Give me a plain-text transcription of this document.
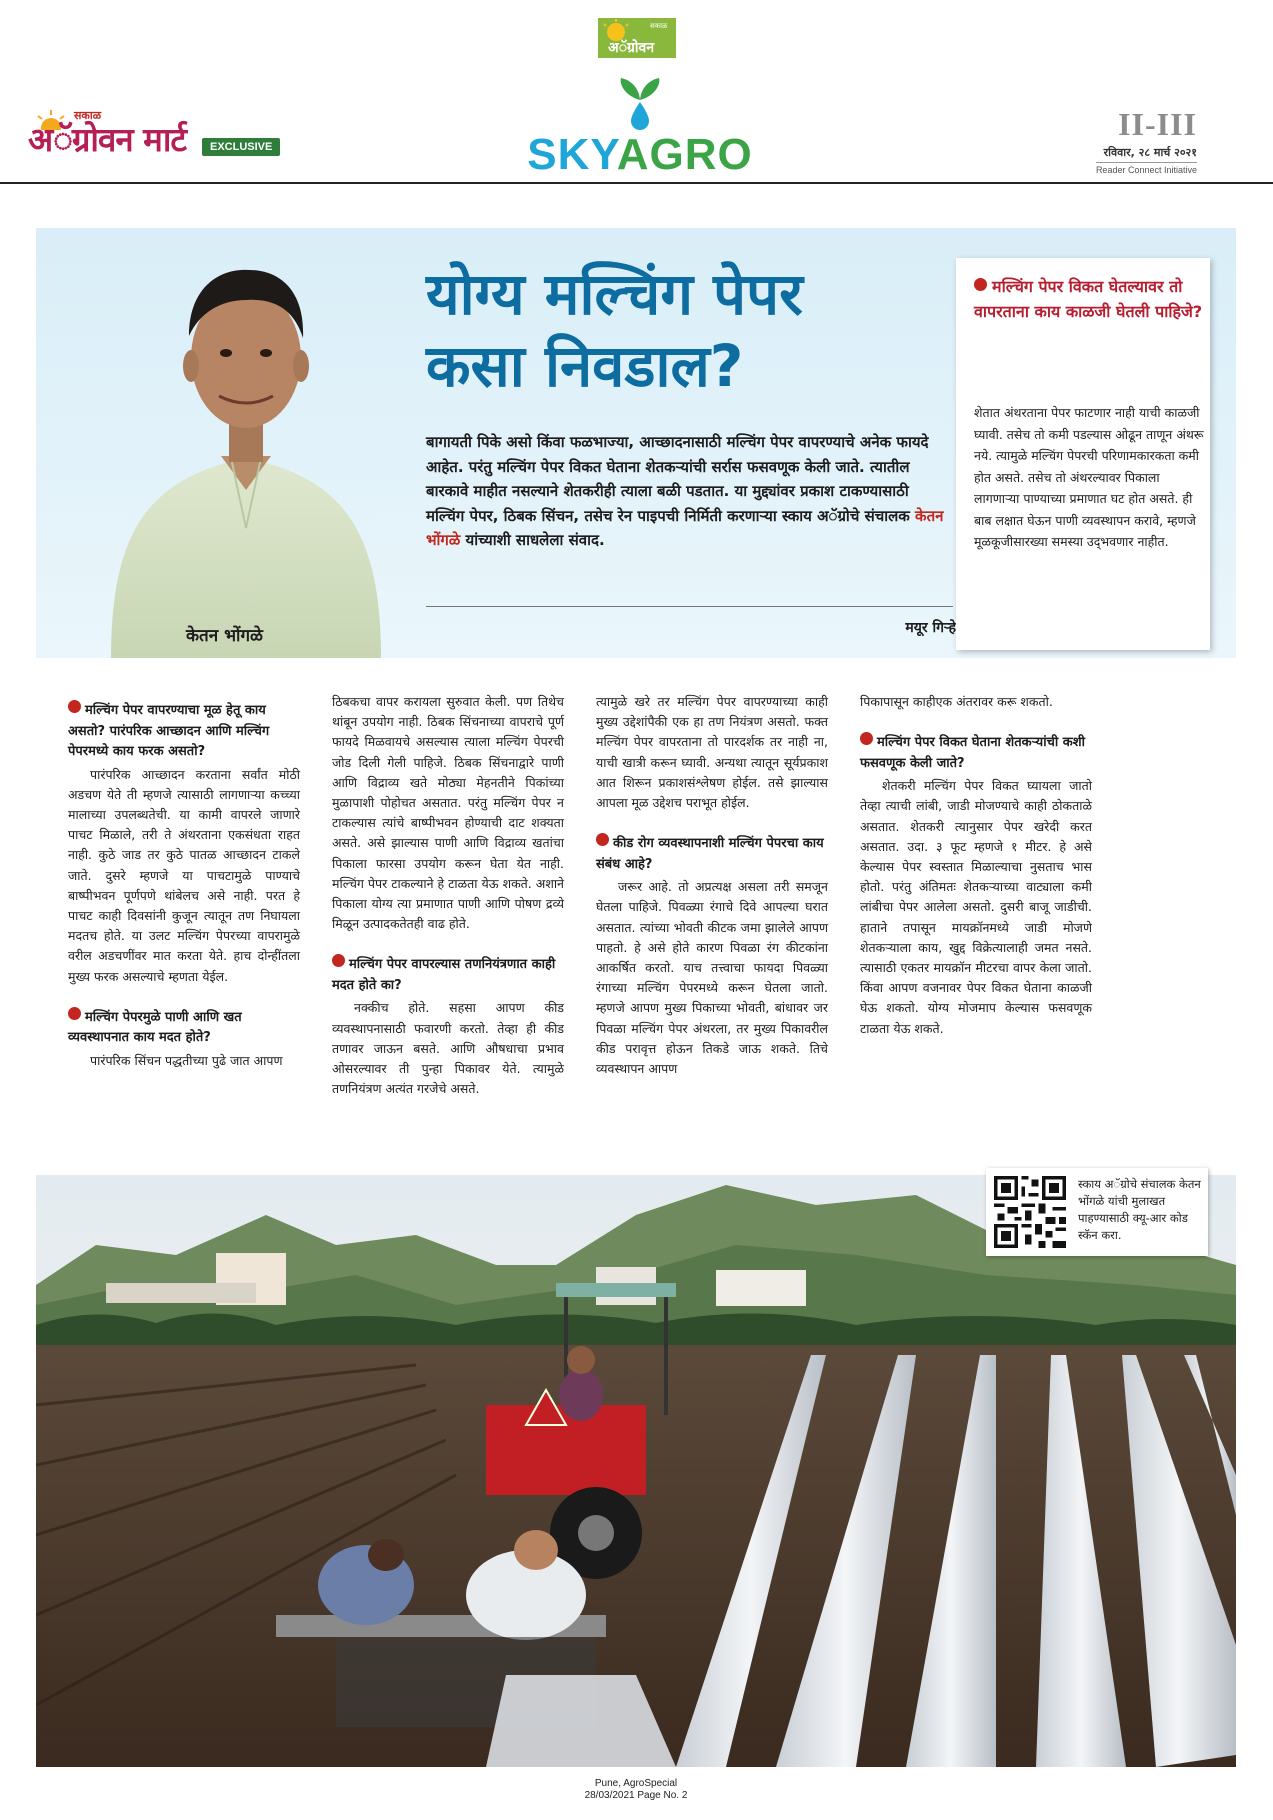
अॅग्रोवन
सकाळ
सकाळ
अॅग्रोवन मार्ट	EXCLUSIVE	SKYAGRO
II-III
रविवार, २८ मार्च २०२१
Reader Connect Initiative
केतन भोंगळे
योग्य मल्चिंग पेपर
कसा निवडाल?
बागायती पिके असो किंवा फळभाज्या, आच्छादनासाठी मल्चिंग पेपर वापरण्याचे अनेक फायदे आहेत. परंतु मल्चिंग पेपर विकत घेताना शेतकऱ्यांची सर्रास फसवणूक केली जाते. त्यातील बारकावे माहीत नसल्याने शेतकरीही त्याला बळी पडतात. या मुद्द्यांवर प्रकाश टाकण्यासाठी मल्चिंग पेपर, ठिबक सिंचन, तसेच रेन पाइपची निर्मिती करणाऱ्या स्काय अॅग्रोचे संचालक केतन भोंगळे यांच्याशी साधलेला संवाद.
मयूर गिऱ्हे
मल्चिंग पेपर विकत घेतल्यावर तो वापरताना काय काळजी घेतली पाहिजे?
शेतात अंथरताना पेपर फाटणार नाही याची काळजी घ्यावी. तसेच तो कमी पडल्यास ओढून ताणून अंथरू नये. त्यामुळे मल्चिंग पेपरची परिणामकारकता कमी होत असते. तसेच तो अंथरल्यावर पिकाला लागणाऱ्या पाण्याच्या प्रमाणात घट होत असते. ही बाब लक्षात घेऊन पाणी व्यवस्थापन करावे, म्हणजे मूळकूजीसारख्या समस्या उद्‍भवणार नाहीत.
मल्चिंग पेपर वापरण्याचा मूळ हेतू काय असतो? पारंपरिक आच्छादन आणि मल्चिंग पेपरमध्ये काय फरक असतो?

पारंपरिक आच्छादन करताना सर्वांत मोठी अडचण येते ती म्हणजे त्यासाठी लागणाऱ्या कच्च्या मालाच्या उपलब्धतेची. या कामी वापरले जाणारे पाचट मिळाले, तरी ते अंथरताना एकसंधता राहत नाही. कुठे जाड तर कुठे पातळ आच्छादन टाकले जाते. दुसरे म्हणजे या पाचटामुळे पाण्याचे बाष्पीभवन पूर्णपणे थांबेलच असे नाही. परत हे पाचट काही दिवसांनी कुजून त्यातून तण निघायला मदतच होते. या उलट मल्चिंग पेपरच्या वापरामुळे वरील अडचणींवर मात करता येते. हाच दोन्हींतला मुख्य फरक असल्याचे म्हणता येईल.

मल्चिंग पेपरमुळे पाणी आणि खत व्यवस्थापनात काय मदत होते?

पारंपरिक सिंचन पद्धतीच्या पुढे जात आपण

ठिबकचा वापर करायला सुरुवात केली. पण तिथेच थांबून उपयोग नाही. ठिबक सिंचनाच्या वापराचे पूर्ण फायदे मिळवायचे असल्यास त्याला मल्चिंग पेपरची जोड दिली गेली पाहिजे. ठिबक सिंचनाद्वारे पाणी आणि विद्राव्य खते मोठ्या मेहनतीने पिकांच्या मुळापाशी पोहोचत असतात. परंतु मल्चिंग पेपर न टाकल्यास त्यांचे बाष्पीभवन होण्याची दाट शक्यता असते. असे झाल्यास पाणी आणि विद्राव्य खतांचा पिकाला फारसा उपयोग करून घेता येत नाही. मल्चिंग पेपर टाकल्याने हे टाळता येऊ शकते. अशाने पिकाला योग्य त्या प्रमाणात पाणी आणि पोषण द्रव्ये मिळून उत्पादकतेतही वाढ होते.

मल्चिंग पेपर वापरल्यास तणनियंत्रणात काही मदत होते का?

नक्कीच होते. सहसा आपण कीड व्यवस्थापनासाठी फवारणी करतो. तेव्हा ही कीड तणावर जाऊन बसते. आणि औषधाचा प्रभाव ओसरल्यावर ती पुन्हा पिकावर येते. त्यामुळे तणनियंत्रण अत्यंत गरजेचे असते.

त्यामुळे खरे तर मल्चिंग पेपर वापरण्याच्या काही मुख्य उद्देशांपैकी एक हा तण नियंत्रण असतो. फक्त मल्चिंग पेपर वापरताना तो पारदर्शक तर नाही ना, याची खात्री करून घ्यावी. अन्यथा त्यातून सूर्यप्रकाश आत शिरून प्रकाशसंश्लेषण होईल. तसे झाल्यास आपला मूळ उद्देशच पराभूत होईल.

कीड रोग व्यवस्थापनाशी मल्चिंग पेपरचा काय संबंध आहे?

जरूर आहे. तो अप्रत्यक्ष असला तरी समजून घेतला पाहिजे. पिवळ्या रंगाचे दिवे आपल्या घरात असतात. त्यांच्या भोवती कीटक जमा झालेले आपण पाहतो. हे असे होते कारण पिवळा रंग कीटकांना आकर्षित करतो. याच तत्त्वाचा फायदा पिवळ्या रंगाच्या मल्चिंग पेपरमध्ये करून घेतला जातो. म्हणजे आपण मुख्य पिकाच्या भोवती, बांधावर जर पिवळा मल्चिंग पेपर अंथरला, तर मुख्य पिकावरील कीड परावृत्त होऊन तिकडे जाऊ शकते. तिचे व्यवस्थापन आपण

पिकापासून काहीएक अंतरावर करू शकतो.

मल्चिंग पेपर विकत घेताना शेतकऱ्यांची कशी फसवणूक केली जाते?

शेतकरी मल्चिंग पेपर विकत घ्यायला जातो तेव्हा त्याची लांबी, जाडी मोजण्याचे काही ठोकताळे असतात. शेतकरी त्यानुसार पेपर खरेदी करत असतात. उदा. ३ फूट म्हणजे १ मीटर. हे असे केल्यास पेपर स्वस्तात मिळाल्याचा नुसताच भास होतो. परंतु अंतिमतः शेतकऱ्याच्या वाट्याला कमी लांबीचा पेपर आलेला असतो. दुसरी बाजू जाडीची. हाताने तपासून मायक्रॉनमध्ये जाडी मोजणे शेतकऱ्याला काय, खुद्द विक्रेत्यालाही जमत नसते. त्यासाठी एकतर मायक्रॉन मीटरचा वापर केला जातो. किंवा आपण वजनावर पेपर विकत घेताना काळजी घेऊ शकतो. योग्य मोजमाप केल्यास फसवणूक टाळता येऊ शकते.

स्काय अॅग्रोचे संचालक केतन भोंगळे यांची मुलाखत पाहण्यासाठी क्यू-आर कोड स्कॅन करा.
Pune, AgroSpecial
28/03/2021 Page No. 2
